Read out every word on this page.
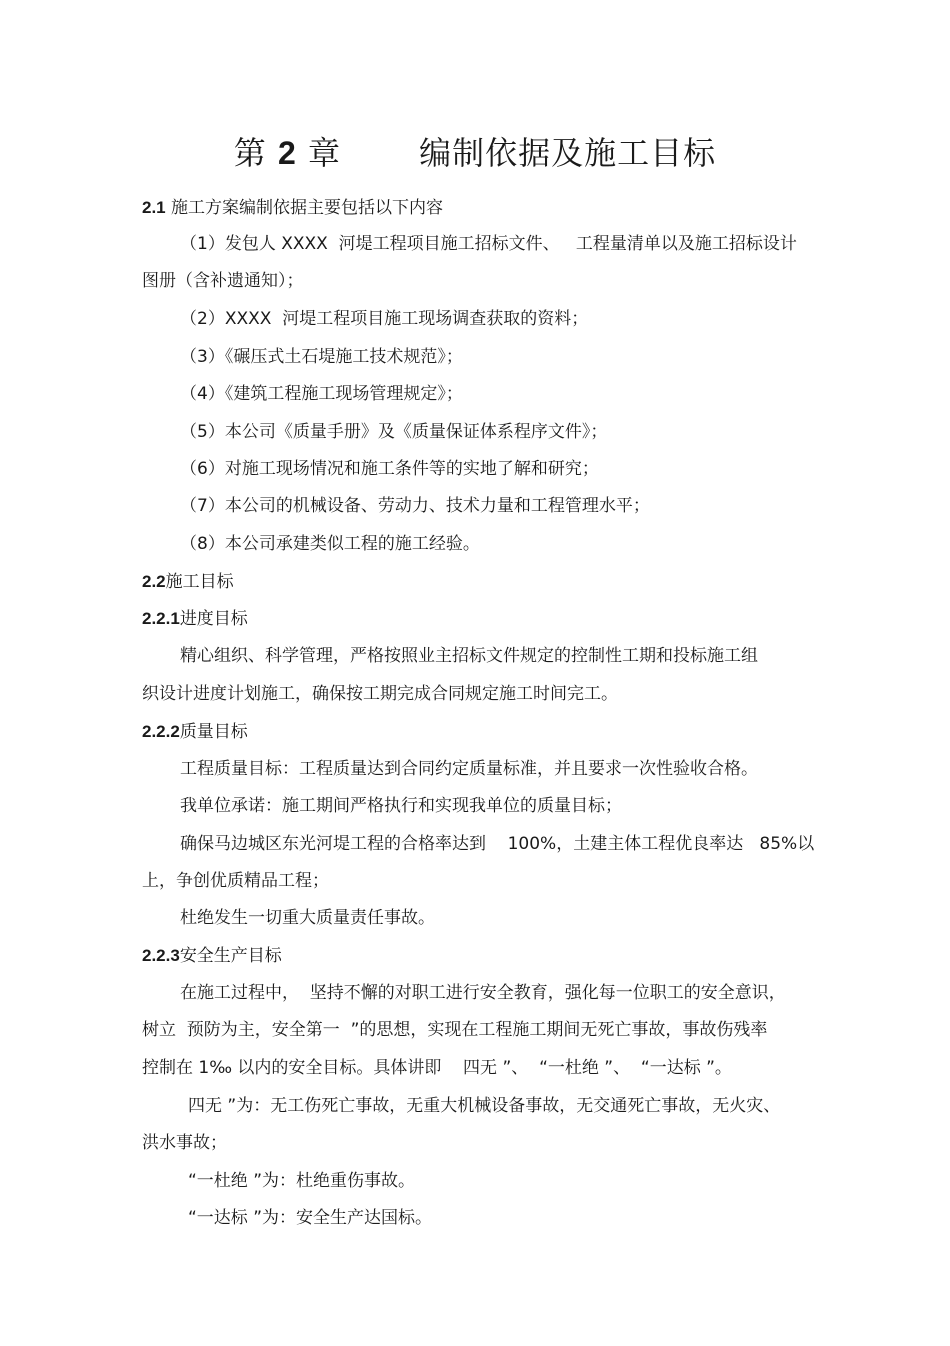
第 2 章 编制依据及施工目标
2.1 施工方案编制依据主要包括以下内容
（1）发包人 XXXX  河堤工程项目施工招标文件、   工程量清单以及施工招标设计
图册（含补遗通知）；
（2）XXXX  河堤工程项目施工现场调查获取的资料；
（3）《碾压式土石堤施工技术规范》；
（4）《建筑工程施工现场管理规定》；
（5）本公司《质量手册》及《质量保证体系程序文件》；
（6）对施工现场情况和施工条件等的实地了解和研究；
（7）本公司的机械设备、劳动力、技术力量和工程管理水平；
（8）本公司承建类似工程的施工经验。
2.2施工目标
2.2.1进度目标
精心组织、科学管理，严格按照业主招标文件规定的控制性工期和投标施工组
织设计进度计划施工，确保按工期完成合同规定施工时间完工。
2.2.2质量目标
工程质量目标：工程质量达到合同约定质量标准，并且要求一次性验收合格。
我单位承诺：施工期间严格执行和实现我单位的质量目标；
确保马边城区东光河堤工程的合格率达到    100%，土建主体工程优良率达   85%以
上，争创优质精品工程；
杜绝发生一切重大质量责任事故。
2.2.3安全生产目标
在施工过程中，  坚持不懈的对职工进行安全教育，强化每一位职工的安全意识，
树立  预防为主，安全第一  ”的思想，实现在工程施工期间无死亡事故，事故伤残率
控制在 1‰ 以内的安全目标。具体讲即    四无 ”、  “一杜绝 ”、  “一达标 ”。
四无 ”为：无工伤死亡事故，无重大机械设备事故，无交通死亡事故，无火灾、
洪水事故；
“一杜绝 ”为：杜绝重伤事故。
“一达标 ”为：安全生产达国标。
